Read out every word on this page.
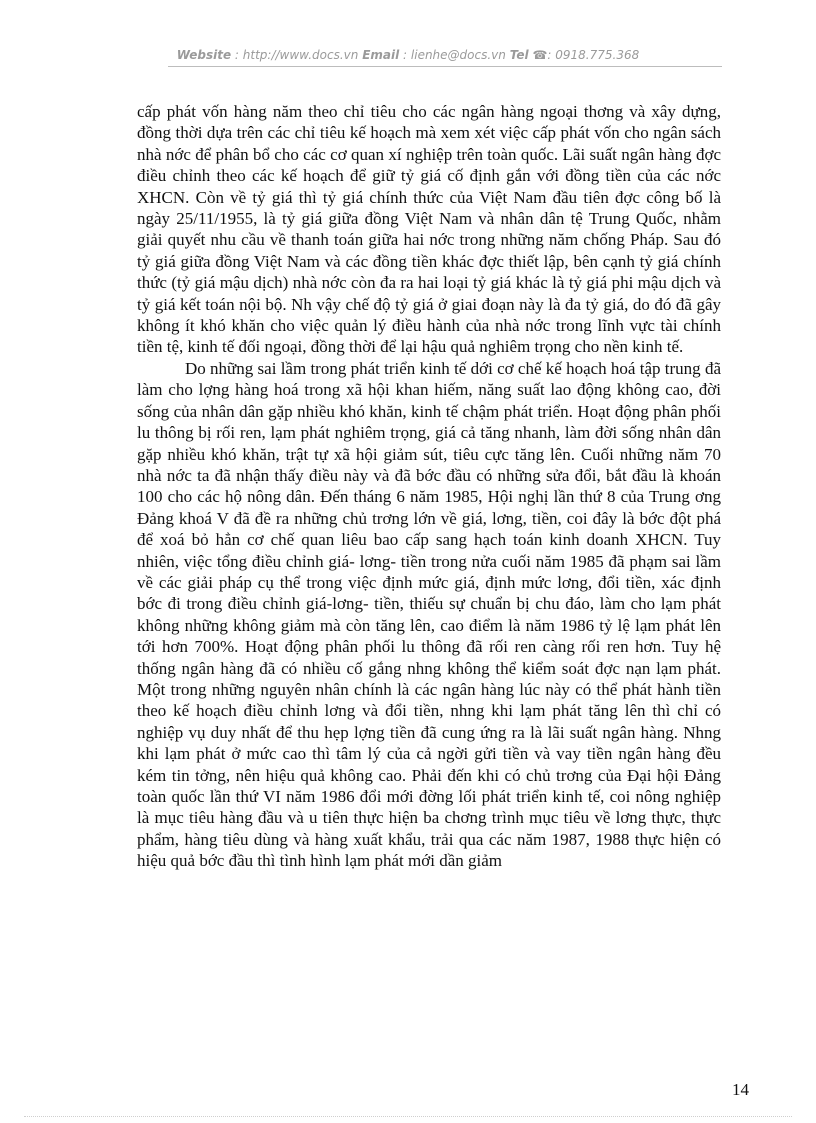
Website : http://www.docs.vn Email : lienhe@docs.vn Tel ☎: 0918.775.368

cấp phát vốn hàng năm theo chỉ tiêu cho các ngân hàng ngoại thơng và xây dựng, đồng thời dựa trên các chỉ tiêu kế hoạch mà xem xét việc cấp phát vốn cho ngân sách nhà nớc để phân bổ cho các cơ quan xí nghiệp trên toàn quốc. Lãi suất ngân hàng đợc điều chỉnh theo các kế hoạch để giữ tỷ giá cố định gắn với đồng tiền của các nớc XHCN. Còn về tỷ giá thì tỷ giá chính thức của Việt Nam đầu tiên đợc công bố là ngày 25/11/1955, là tỷ giá giữa đồng Việt Nam và nhân dân tệ Trung Quốc, nhằm giải quyết nhu cầu về thanh toán giữa hai nớc trong những năm chống Pháp. Sau đó tỷ giá giữa đồng Việt Nam và các đồng tiền khác đợc thiết lập, bên cạnh tỷ giá chính thức (tỷ giá mậu dịch) nhà nớc còn đa ra hai loại tỷ giá khác là tỷ giá phi mậu dịch và tỷ giá kết toán nội bộ. Nh vậy chế độ tỷ giá ở giai đoạn này là đa tỷ giá, do đó đã gây không ít khó khăn cho việc quản lý điều hành của nhà nớc trong lĩnh vực tài chính tiền tệ, kinh tế đối ngoại, đồng thời để lại hậu quả nghiêm trọng cho nền kinh tế.

Do những sai lầm trong phát triển kinh tế dới cơ chế kế hoạch hoá tập trung đã làm cho lợng hàng hoá trong xã hội khan hiếm, năng suất lao động không cao, đời sống của nhân dân gặp nhiều khó khăn, kinh tế chậm phát triển. Hoạt động phân phối lu thông bị rối ren, lạm phát nghiêm trọng, giá cả tăng nhanh, làm đời sống nhân dân gặp nhiều khó khăn, trật tự xã hội giảm sút, tiêu cực tăng lên. Cuối những năm 70 nhà nớc ta đã nhận thấy điều này và đã bớc đầu có những sửa đổi, bắt đầu là khoán 100 cho các hộ nông dân. Đến tháng 6 năm 1985, Hội nghị lần thứ 8 của Trung ơng Đảng khoá V đã đề ra những chủ trơng lớn về giá, lơng, tiền, coi đây là bớc đột phá để xoá bỏ hẳn cơ chế quan liêu bao cấp sang hạch toán kinh doanh XHCN. Tuy nhiên, việc tổng điều chỉnh giá- lơng- tiền trong nửa cuối năm 1985 đã phạm sai lầm về các giải pháp cụ thể trong việc định mức giá, định mức lơng, đổi tiền, xác định bớc đi trong điều chỉnh giá-lơng- tiền, thiếu sự chuẩn bị chu đáo, làm cho lạm phát không những không giảm mà còn tăng lên, cao điểm là năm 1986 tỷ lệ lạm phát lên tới hơn 700%. Hoạt động phân phối lu thông đã rối ren càng rối ren hơn. Tuy hệ thống ngân hàng đã có nhiều cố gắng nhng không thể kiểm soát đợc nạn lạm phát. Một trong những nguyên nhân chính là các ngân hàng lúc này có thể phát hành tiền theo kế hoạch điều chỉnh lơng và đổi tiền, nhng khi lạm phát tăng lên thì chỉ có nghiệp vụ duy nhất để thu hẹp lợng tiền đã cung ứng ra là lãi suất ngân hàng. Nhng khi lạm phát ở mức cao thì tâm lý của cả ngời gửi tiền và vay tiền ngân hàng đều kém tin tởng, nên hiệu quả không cao. Phải đến khi có chủ trơng của Đại hội Đảng toàn quốc lần thứ VI năm 1986 đổi mới đờng lối phát triển kinh tế, coi nông nghiệp là mục tiêu hàng đầu và u tiên thực hiện ba chơng trình mục tiêu về lơng thực, thực phẩm, hàng tiêu dùng và hàng xuất khẩu, trải qua các năm 1987, 1988 thực hiện có hiệu quả bớc đầu thì tình hình lạm phát mới dần giảm

14
